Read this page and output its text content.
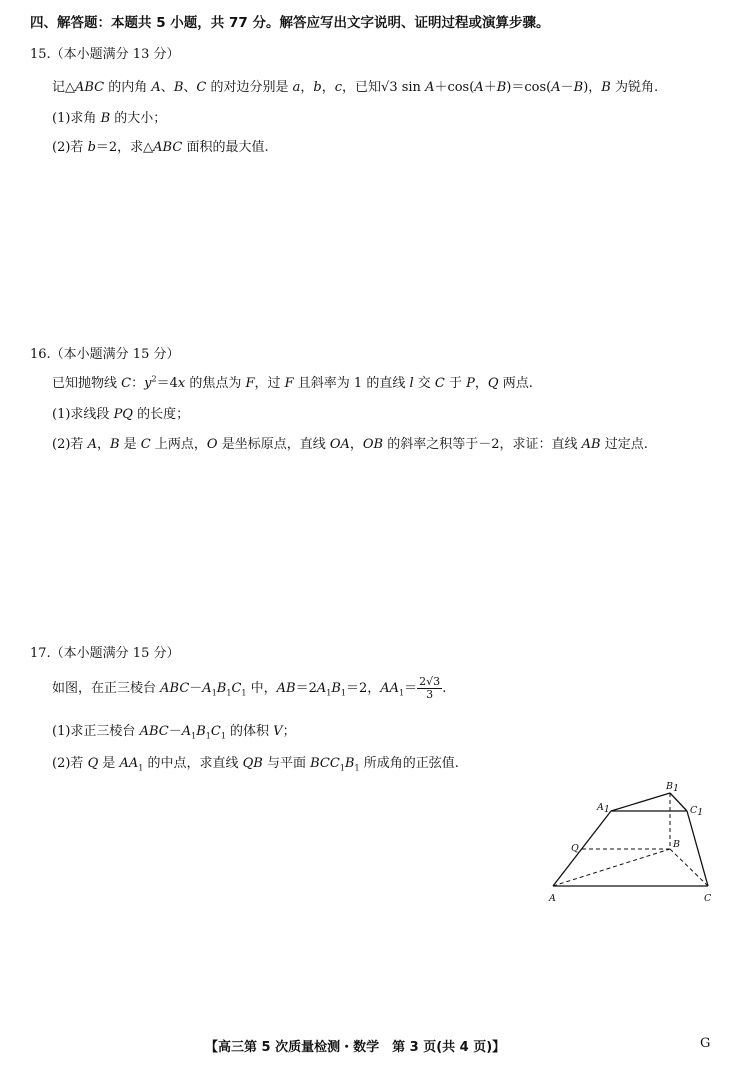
四、解答题：本题共 5 小题，共 77 分。解答应写出文字说明、证明过程或演算步骤。
15.（本小题满分 13 分）
记△ABC 的内角 A、B、C 的对边分别是 a，b，c，已知√3 sin A＋cos(A＋B)＝cos(A－B)，B 为锐角.
(1)求角 B 的大小；
(2)若 b＝2，求△ABC 面积的最大值.
16.（本小题满分 15 分）
已知抛物线 C：$y^2=4x$ 的焦点为 F，过 F 且斜率为 1 的直线 l 交 C 于 P，Q 两点.
(1)求线段 PQ 的长度；
(2)若 A，B 是 C 上两点，O 是坐标原点，直线 OA，OB 的斜率之积等于－2，求证：直线 AB 过定点.
17.（本小题满分 15 分）
如图，在正三棱台 $ABC-A_1B_1C_1$ 中，$AB=2A_1B_1=2$，$AA_1= \frac{2√3}{3}$ .
(1)求正三棱台 $ABC-A_1B_1C_1$ 的体积 V；
(2)若 Q 是 $AA_1$ 的中点，求直线 QB 与平面 $BCC_1B_1$ 所成角的正弦值.
A	C
B
Q
A1
B1
C1
【高三第 5 次质量检测・数学　第 3 页(共 4 页)】	G
